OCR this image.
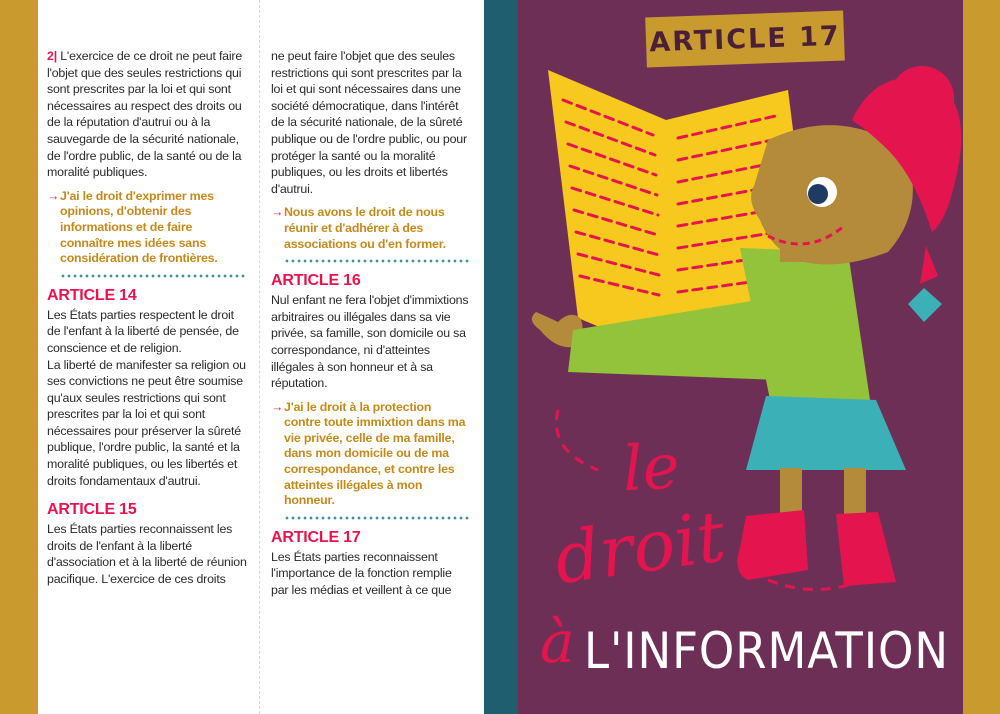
2| L'exercice de ce droit ne peut faire l'objet que des seules restrictions qui sont prescrites par la loi et qui sont nécessaires au respect des droits ou de la réputation d'autrui ou à la sauvegarde de la sécurité nationale, de l'ordre public, de la santé ou de la moralité publiques.

→ J'ai le droit d'exprimer mes opinions, d'obtenir des informations et de faire connaître mes idées sans considération de frontières.
ARTICLE 14

Les États parties respectent le droit de l'enfant à la liberté de pensée, de conscience et de religion.

La liberté de manifester sa religion ou ses convictions ne peut être soumise qu'aux seules restrictions qui sont prescrites par la loi et qui sont nécessaires pour préserver la sûreté publique, l'ordre public, la santé et la moralité publiques, ou les libertés et droits fondamentaux d'autrui.

ARTICLE 15

Les États parties reconnaissent les droits de l'enfant à la liberté d'association et à la liberté de réunion pacifique. L'exercice de ces droits

ne peut faire l'objet que des seules restrictions qui sont prescrites par la loi et qui sont nécessaires dans une société démocratique, dans l'intérêt de la sécurité nationale, de la sûreté publique ou de l'ordre public, ou pour protéger la santé ou la moralité publiques, ou les droits et libertés d'autrui.

→ Nous avons le droit de nous réunir et d'adhérer à des associations ou d'en former.
ARTICLE 16

Nul enfant ne fera l'objet d'immixtions arbitraires ou illégales dans sa vie privée, sa famille, son domicile ou sa correspondance, ni d'atteintes illégales à son honneur et à sa réputation.

→ J'ai le droit à la protection contre toute immixtion dans ma vie privée, celle de ma famille, dans mon domicile ou de ma correspondance, et contre les atteintes illégales à mon honneur.
ARTICLE 17

Les États parties reconnaissent l'importance de la fonction remplie par les médias et veillent à ce que

le
droit
à L'INFORMATION
ARTICLE 17
